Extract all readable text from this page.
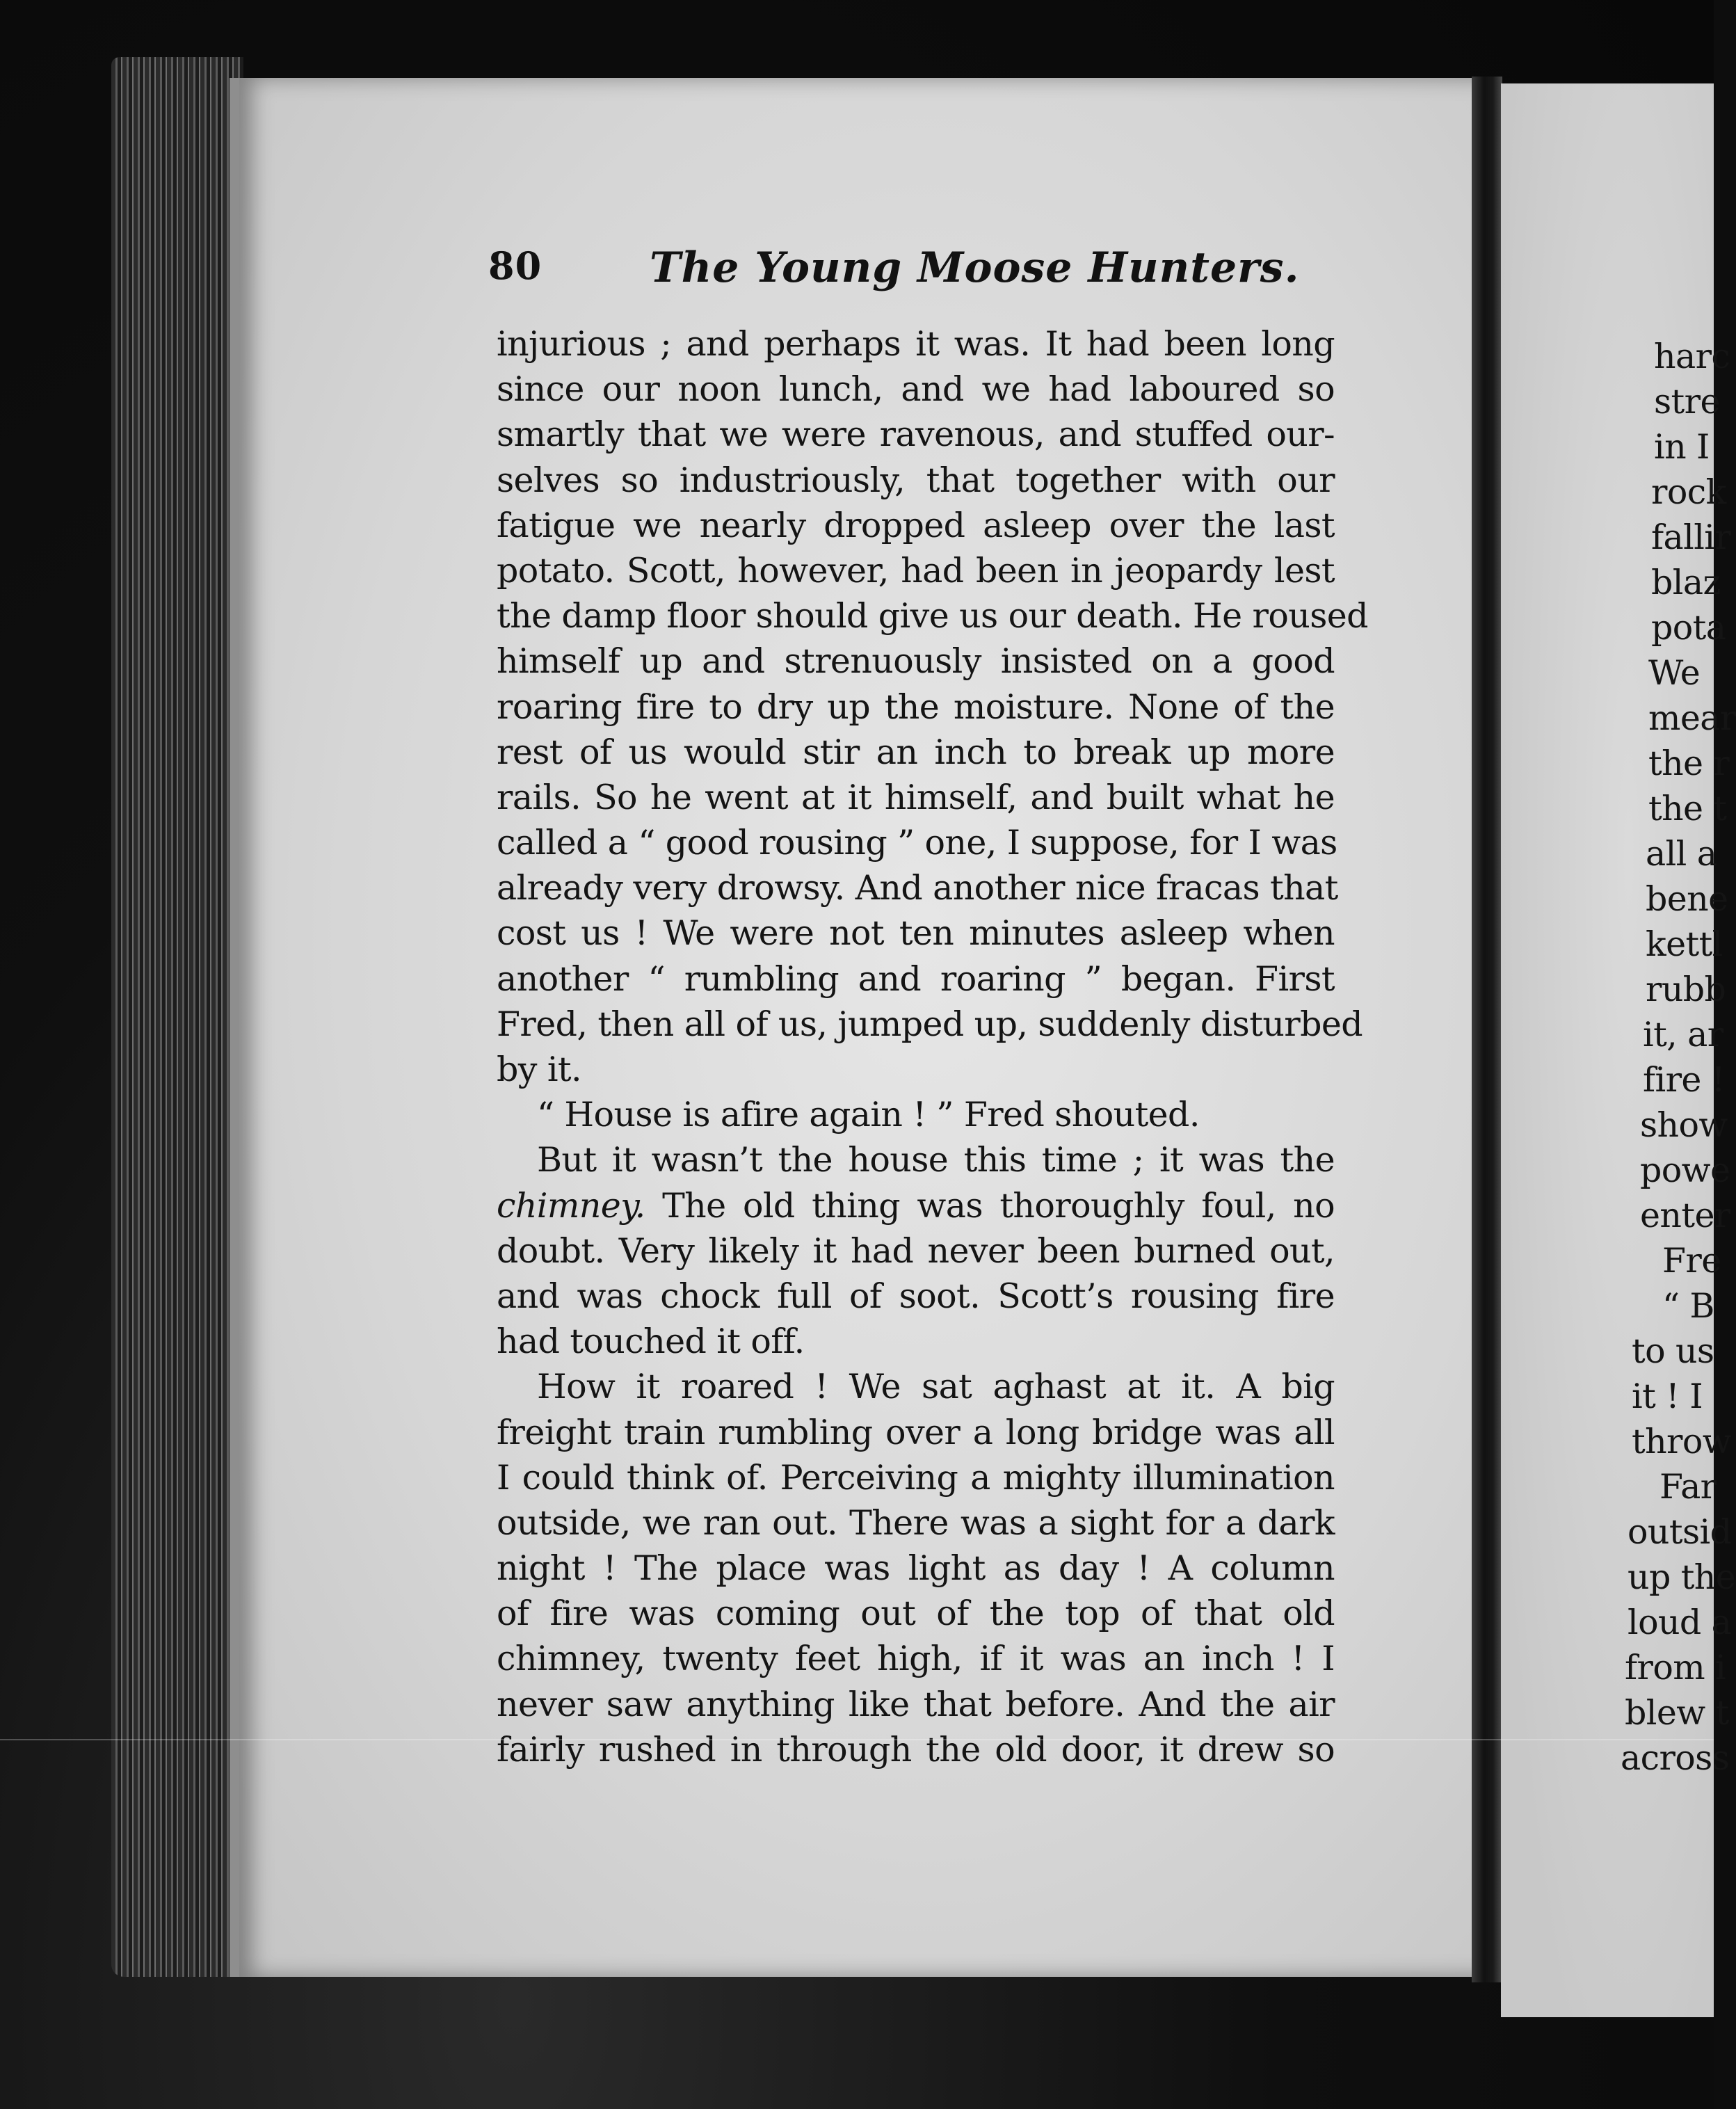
80	The Young Moose Hunters.
injurious ; and perhaps it was. It had been long
since our noon lunch, and we had laboured so
smartly that we were ravenous, and stuffed our-
selves so industriously, that together with our
fatigue we nearly dropped asleep over the last
potato. Scott, however, had been in jeopardy lest
the damp floor should give us our death. He roused
himself up and strenuously insisted on a good
roaring fire to dry up the moisture. None of the
rest of us would stir an inch to break up more
rails. So he went at it himself, and built what he
called a “ good rousing ” one, I suppose, for I was
already very drowsy. And another nice fracas that
cost us ! We were not ten minutes asleep when
another “ rumbling and roaring ” began. First
Fred, then all of us, jumped up, suddenly disturbed
by it.
“ House is afire again ! ” Fred shouted.
But it wasn’t the house this time ; it was the
chimney. The old thing was thoroughly foul, no
doubt. Very likely it had never been burned out,
and was chock full of soot. Scott’s rousing fire
had touched it off.
How it roared ! We sat aghast at it. A big
freight train rumbling over a long bridge was all
I could think of. Perceiving a mighty illumination
outside, we ran out. There was a sight for a dark
night ! The place was light as day ! A column
of fire was coming out of the top of that old
chimney, twenty feet high, if it was an inch ! I
never saw anything like that before. And the air
fairly rushed in through the old door, it drew so
harc
stre
in I
rock
fallir
blaz
pota
We
mear
the r
the t
all a
bene
kettl
rubb
it, ar
fire !
show
powe
enter
Fre
“ B
to us
it ! I
throw
Far
outsid
up the
loud a
from i
blew t
across
